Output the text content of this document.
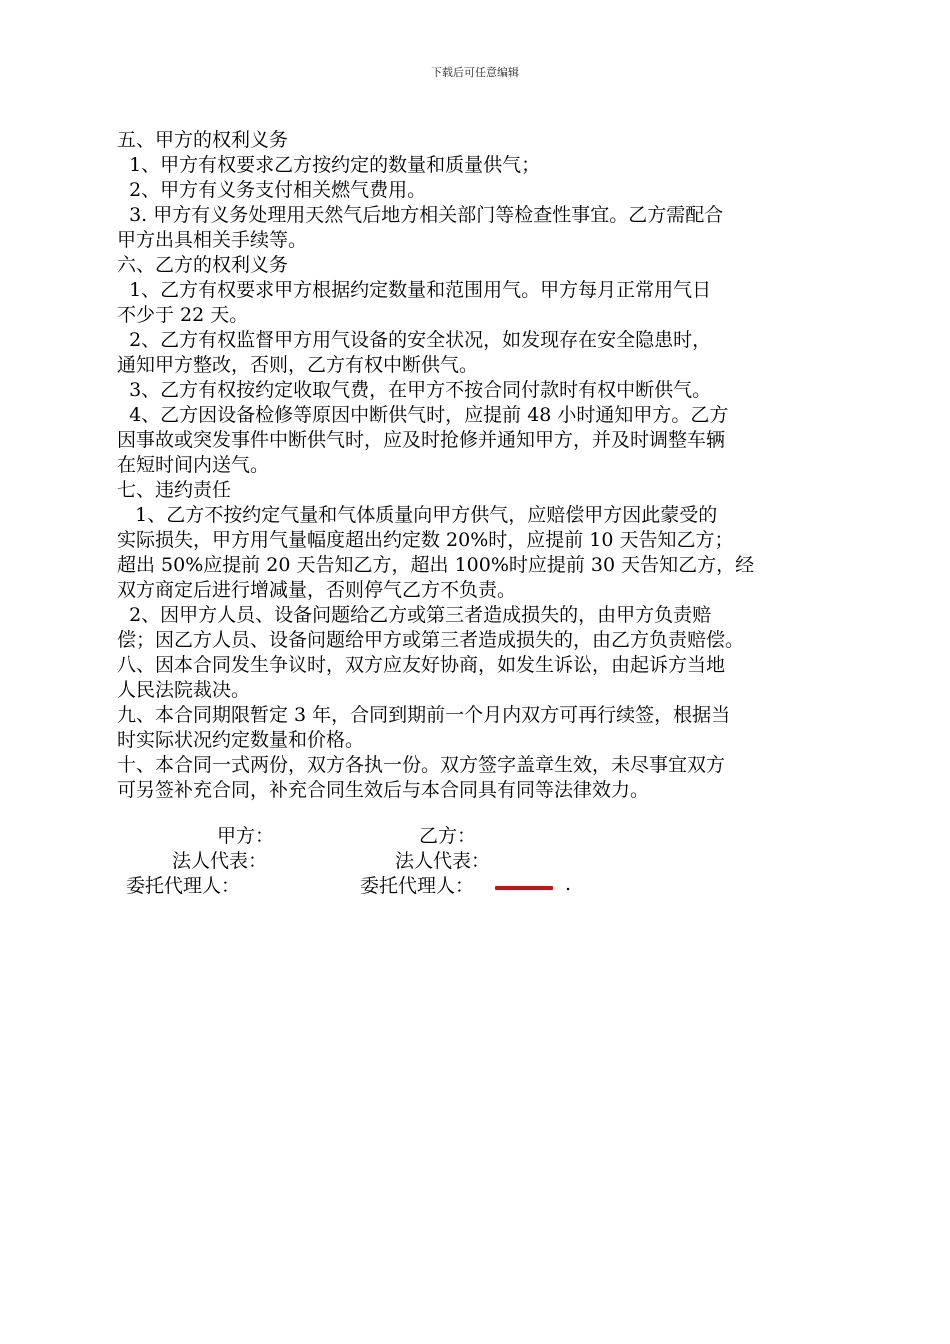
下载后可任意编辑
五、甲方的权利义务
1、甲方有权要求乙方按约定的数量和质量供气；
2、甲方有义务支付相关燃气费用。
3. 甲方有义务处理用天然气后地方相关部门等检查性事宜。乙方需配合
甲方出具相关手续等。
六、乙方的权利义务
1、乙方有权要求甲方根据约定数量和范围用气。甲方每月正常用气日
不少于 22 天。
2、乙方有权监督甲方用气设备的安全状况，如发现存在安全隐患时，
通知甲方整改，否则，乙方有权中断供气。
3、乙方有权按约定收取气费，在甲方不按合同付款时有权中断供气。
4、乙方因设备检修等原因中断供气时，应提前 48 小时通知甲方。乙方
因事故或突发事件中断供气时，应及时抢修并通知甲方，并及时调整车辆
在短时间内送气。
七、违约责任
1、乙方不按约定气量和气体质量向甲方供气，应赔偿甲方因此蒙受的
实际损失，甲方用气量幅度超出约定数 20%时，应提前 10 天告知乙方；
超出 50%应提前 20 天告知乙方，超出 100%时应提前 30 天告知乙方，经
双方商定后进行增减量，否则停气乙方不负责。
2、因甲方人员、设备问题给乙方或第三者造成损失的，由甲方负责赔
偿；因乙方人员、设备问题给甲方或第三者造成损失的，由乙方负责赔偿。
八、因本合同发生争议时，双方应友好协商，如发生诉讼，由起诉方当地
人民法院裁决。
九、本合同期限暂定 3 年，合同到期前一个月内双方可再行续签，根据当
时实际状况约定数量和价格。
十、本合同一式两份，双方各执一份。双方签字盖章生效，未尽事宜双方
可另签补充合同，补充合同生效后与本合同具有同等法律效力。
甲方：	乙方：
法人代表：	法人代表：
委托代理人：	委托代理人：	.
